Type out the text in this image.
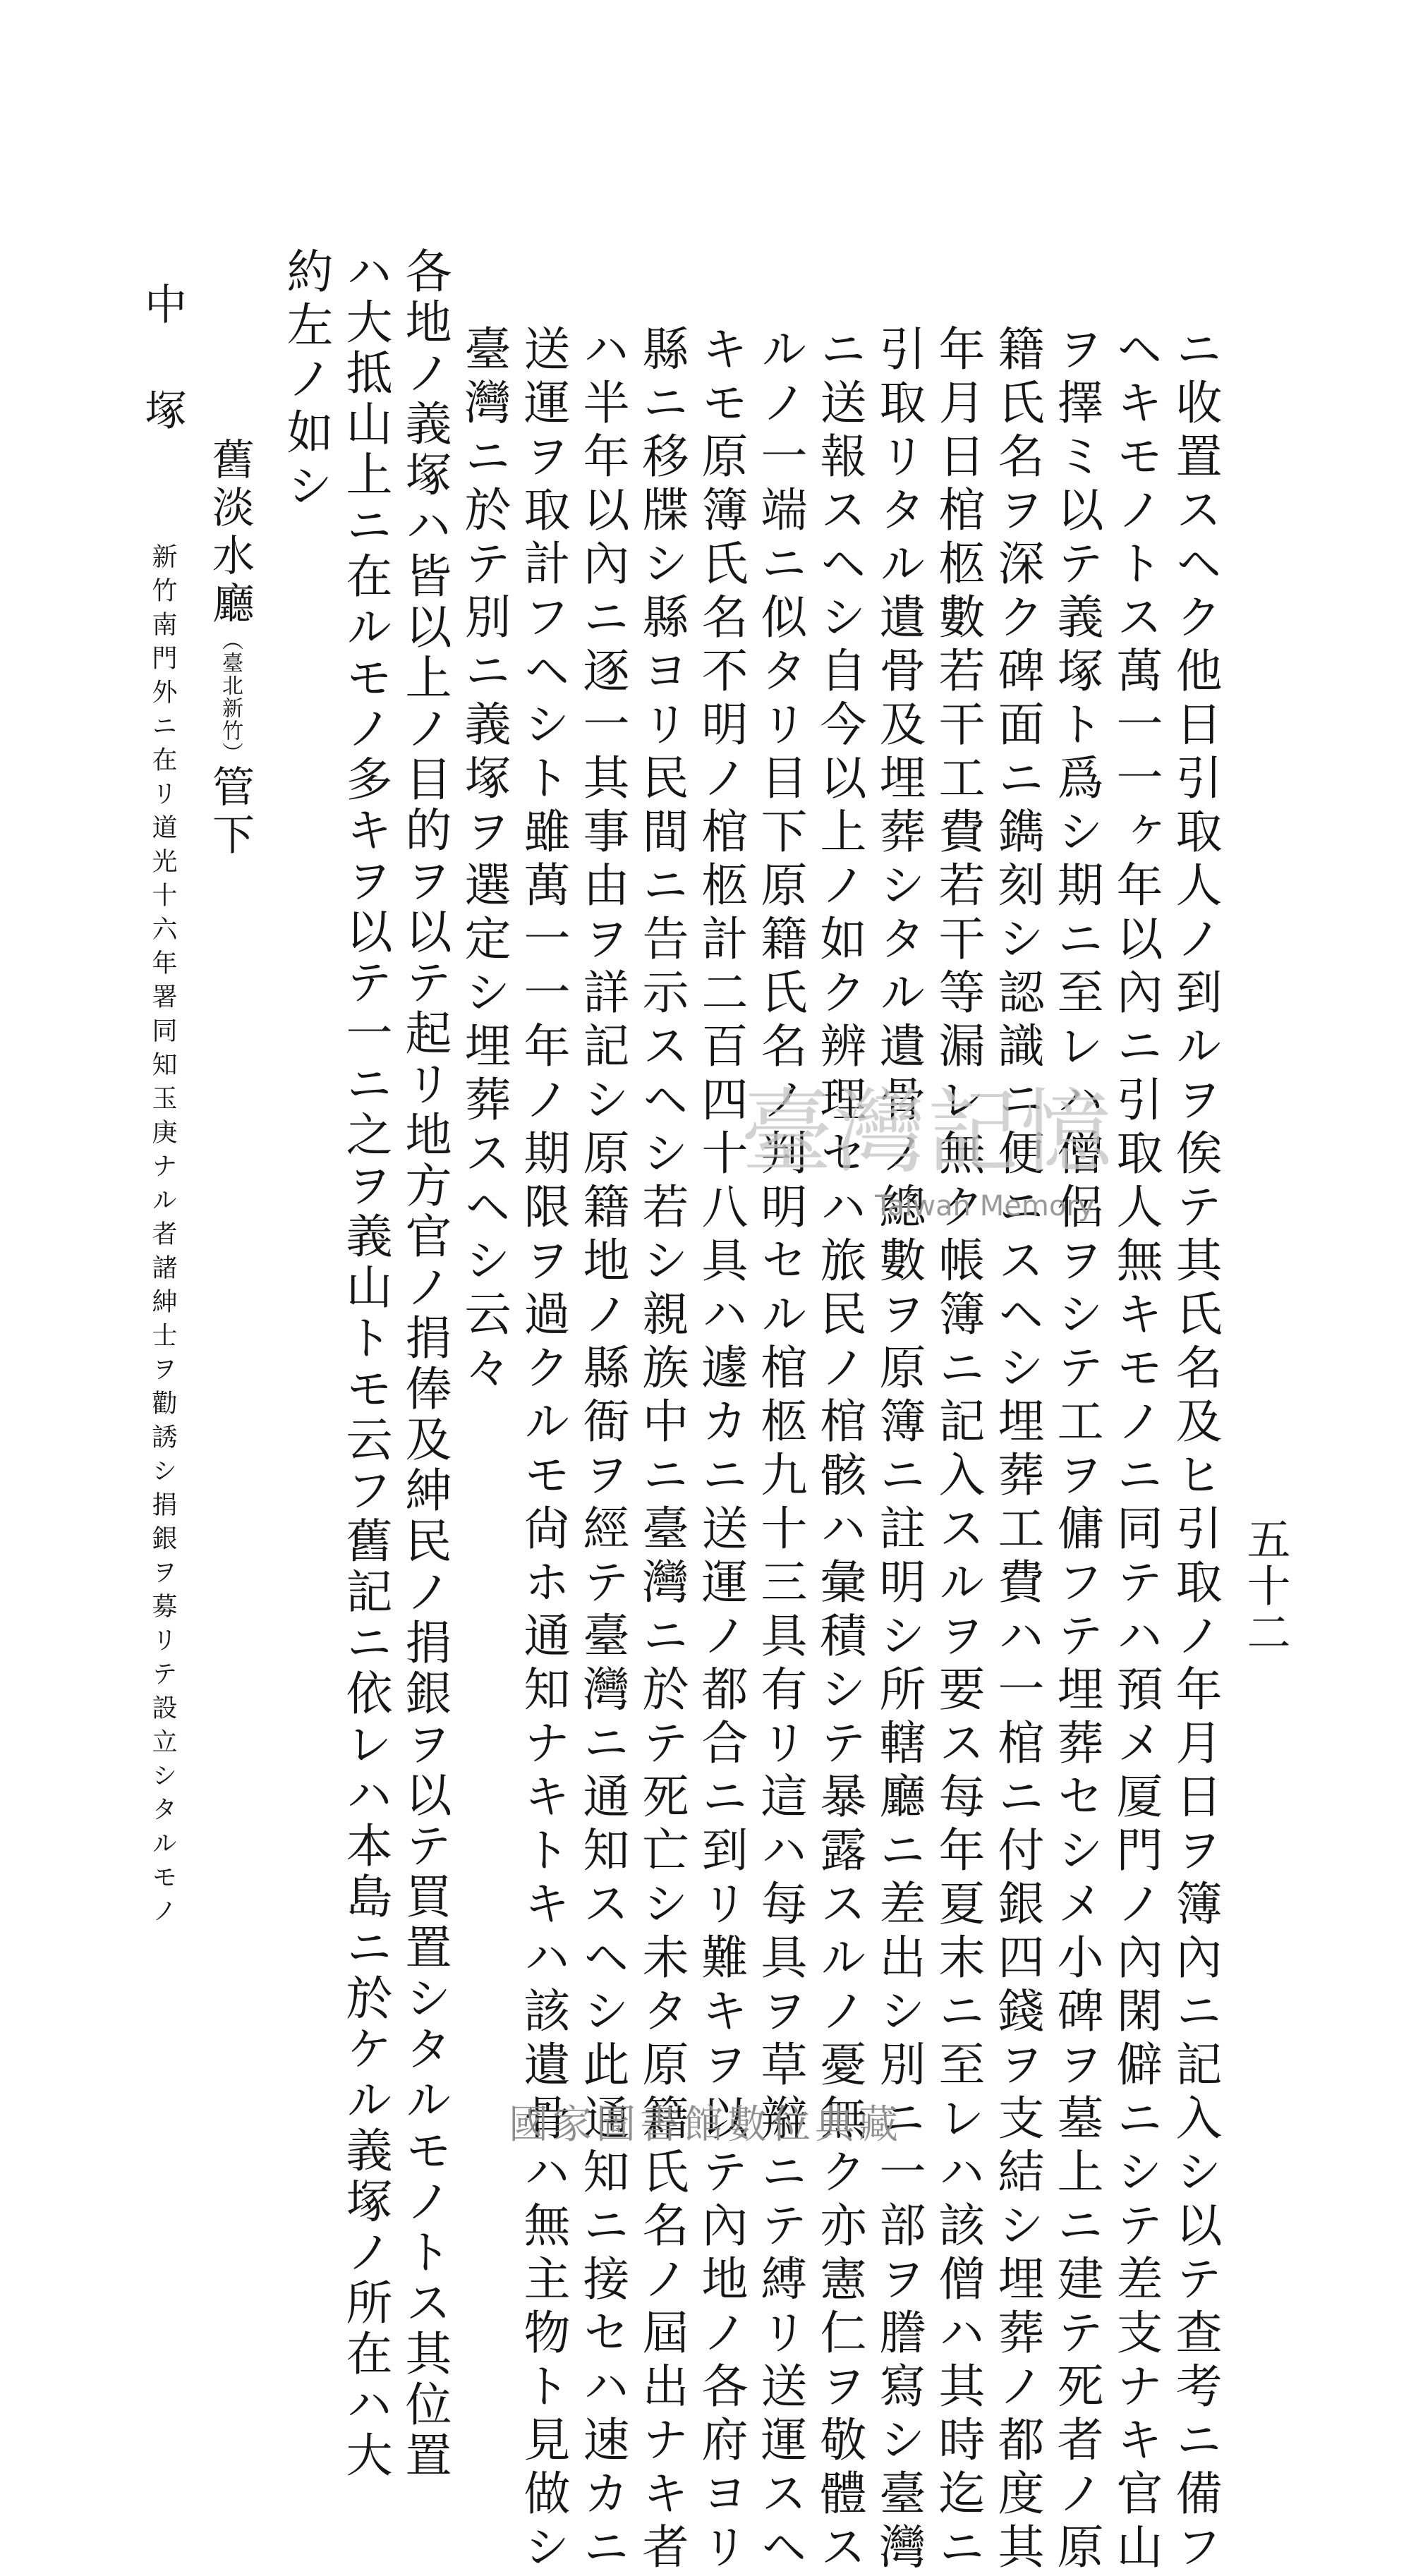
五十二
ニ收置スヘク他日引取人ノ到ルヲ俟テ其氏名及ヒ引取ノ年月日ヲ簿內ニ記入シ以テ查考ニ備フ
ヘキモノトス萬一一ヶ年以內ニ引取人無キモノニ同テハ預メ厦門ノ內閑僻ニシテ差支ナキ官山
ヲ擇ミ以テ義塚ト爲シ期ニ至レハ僧侶ヲシテ工ヲ傭フテ埋葬セシメ小碑ヲ墓上ニ建テ死者ノ原
籍氏名ヲ深ク碑面ニ鐫刻シ認識ニ便ニスヘシ埋葬工費ハ一棺ニ付銀四錢ヲ支結シ埋葬ノ都度其
年月日棺柩數若干工費若干等漏レ無ク帳簿ニ記入スルヲ要ス每年夏末ニ至レハ該僧ハ其時迄ニ
引取リタル遺骨及埋葬シタル遺骨ノ總數ヲ原簿ニ註明シ所轄廳ニ差出シ別ニ一部ヲ謄寫シ臺灣
ニ送報スヘシ自今以上ノ如ク辨理セハ旅民ノ棺骸ハ彙積シテ暴露スルノ憂無ク亦憲仁ヲ敬體ス
ルノ一端ニ似タリ目下原籍氏名ノ判明セル棺柩九十三具有リ這ハ每具ヲ草辮ニテ縛リ送運スヘ
キモ原簿氏名不明ノ棺柩計二百四十八具ハ遽カニ送運ノ都合ニ到リ難キヲ以テ內地ノ各府ヨリ
縣ニ移牒シ縣ヨリ民間ニ告示スヘシ若シ親族中ニ臺灣ニ於テ死亡シ未タ原籍氏名ノ屆出ナキ者
ハ半年以內ニ逐一其事由ヲ詳記シ原籍地ノ縣衙ヲ經テ臺灣ニ通知スヘシ此通知ニ接セハ速カニ
送運ヲ取計フヘシト雖萬一一年ノ期限ヲ過クルモ尙ホ通知ナキトキハ該遺骨ハ無主物ト見做シ
臺灣ニ於テ別ニ義塚ヲ選定シ埋葬スヘシ云々
各地ノ義塚ハ皆以上ノ目的ヲ以テ起リ地方官ノ捐俸及紳民ノ捐銀ヲ以テ買置シタルモノトス其位置
ハ大抵山上ニ在ルモノ多キヲ以テ一ニ之ヲ義山トモ云フ舊記ニ依レハ本島ニ於ケル義塚ノ所在ハ大
約左ノ如シ
舊淡水廳（臺北新竹）管下
中塚
新竹南門外ニ在リ道光十六年署同知玉庚ナル者諸紳士ヲ勸誘シ捐銀ヲ募リテ設立シタルモノ	臺灣記憶
Taiwan Memory
國家圖書館數位典藏
